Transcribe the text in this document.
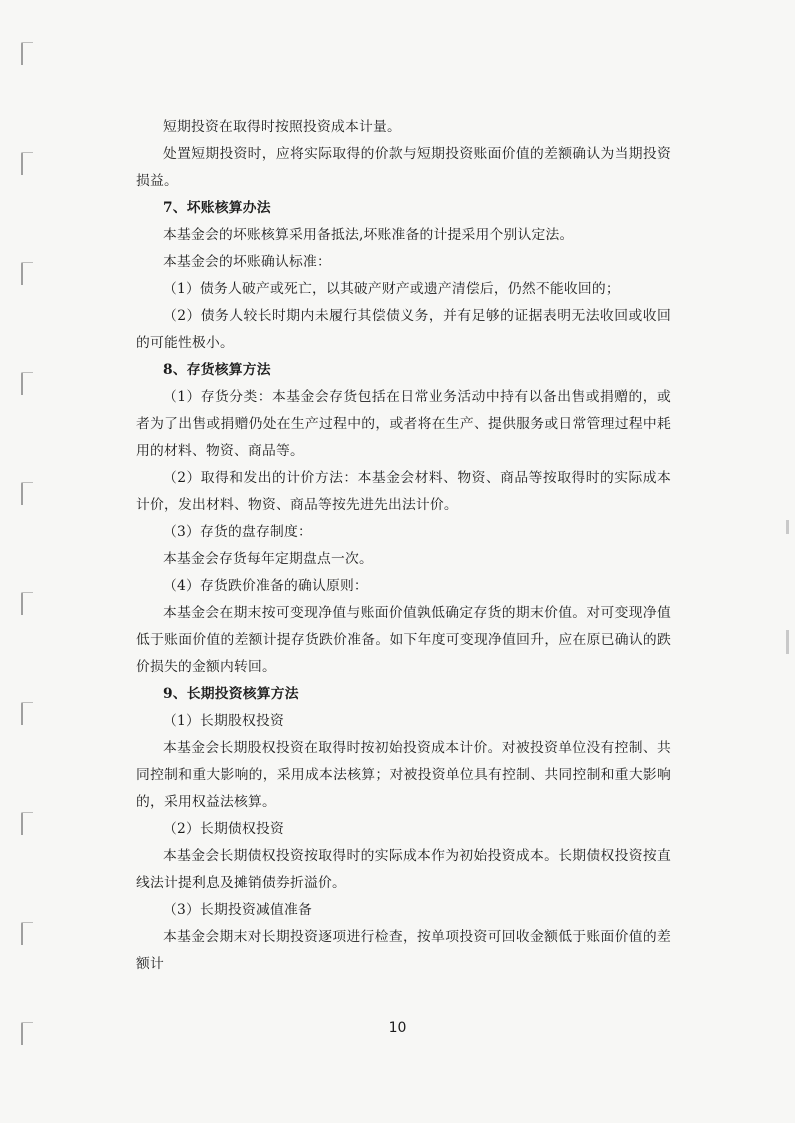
短期投资在取得时按照投资成本计量。

处置短期投资时，应将实际取得的价款与短期投资账面价值的差额确认为当期投资损益。

7、坏账核算办法

本基金会的坏账核算采用备抵法,坏账准备的计提采用个别认定法。

本基金会的坏账确认标准：

（1）债务人破产或死亡，以其破产财产或遗产清偿后，仍然不能收回的；

（2）债务人较长时期内未履行其偿债义务，并有足够的证据表明无法收回或收回的可能性极小。

8、存货核算方法

（1）存货分类：本基金会存货包括在日常业务活动中持有以备出售或捐赠的，或者为了出售或捐赠仍处在生产过程中的，或者将在生产、提供服务或日常管理过程中耗用的材料、物资、商品等。

（2）取得和发出的计价方法：本基金会材料、物资、商品等按取得时的实际成本计价，发出材料、物资、商品等按先进先出法计价。

（3）存货的盘存制度：

本基金会存货每年定期盘点一次。

（4）存货跌价准备的确认原则：

本基金会在期末按可变现净值与账面价值孰低确定存货的期末价值。对可变现净值低于账面价值的差额计提存货跌价准备。如下年度可变现净值回升，应在原已确认的跌价损失的金额内转回。

9、长期投资核算方法

（1）长期股权投资

本基金会长期股权投资在取得时按初始投资成本计价。对被投资单位没有控制、共同控制和重大影响的，采用成本法核算；对被投资单位具有控制、共同控制和重大影响的，采用权益法核算。

（2）长期债权投资

本基金会长期债权投资按取得时的实际成本作为初始投资成本。长期债权投资按直线法计提利息及摊销债券折溢价。

（3）长期投资减值准备

本基金会期末对长期投资逐项进行检查，按单项投资可回收金额低于账面价值的差额计

10
